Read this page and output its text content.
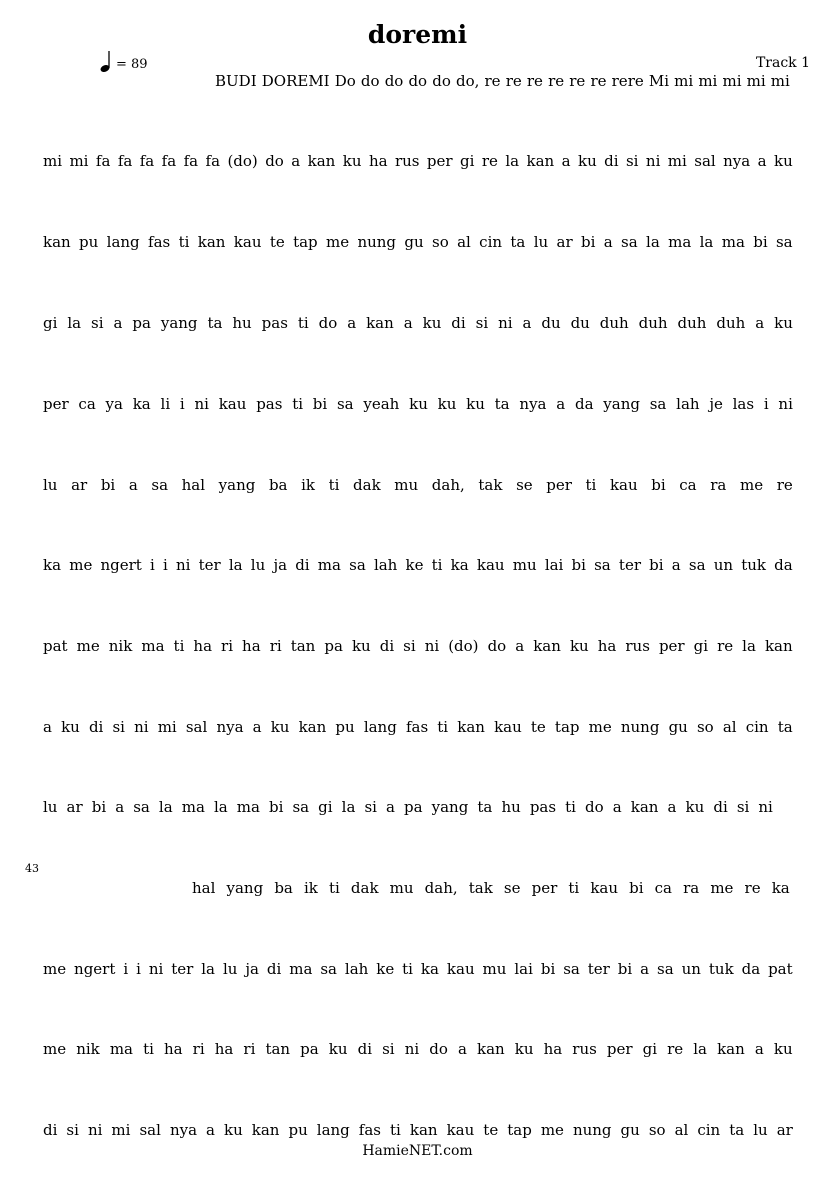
doremi
= 89	Track 1
BUDI DOREMI Do do do do do do, re re re re re re rere Mi mi mi mi mi mi
mi mi fa fa fa fa fa fa (do) do a kan ku ha rus per gi re la kan a ku di si ni mi sal nya a ku
kan pu lang fas ti kan kau te tap me nung gu so al cin ta lu ar bi a sa la ma la ma bi sa
gi la si a pa yang ta hu pas ti do a kan a ku di si ni a du du duh duh duh duh a ku
per ca ya ka li i ni kau pas ti bi sa yeah ku ku ku ta nya a da yang sa lah je las i ni
lu ar bi a sa hal yang ba ik ti dak mu dah, tak se per ti kau bi ca ra me re
ka me ngert i i ni ter la lu ja di ma sa lah ke ti ka kau mu lai bi sa ter bi a sa un tuk da
pat me nik ma ti ha ri ha ri tan pa ku di si ni (do) do a kan ku ha rus per gi re la kan
a ku di si ni mi sal nya a ku kan pu lang fas ti kan kau te tap me nung gu so al cin ta
lu ar bi a sa la ma la ma bi sa gi la si a pa yang ta hu pas ti do a kan a ku di si ni
hal yang ba ik ti dak mu dah, tak se per ti kau bi ca ra me re ka
me ngert i i ni ter la lu ja di ma sa lah ke ti ka kau mu lai bi sa ter bi a sa un tuk da pat
me nik ma ti ha ri ha ri tan pa ku di si ni do a kan ku ha rus per gi re la kan a ku
di si ni mi sal nya a ku kan pu lang fas ti kan kau te tap me nung gu so al cin ta lu ar
43
HamieNET.com
